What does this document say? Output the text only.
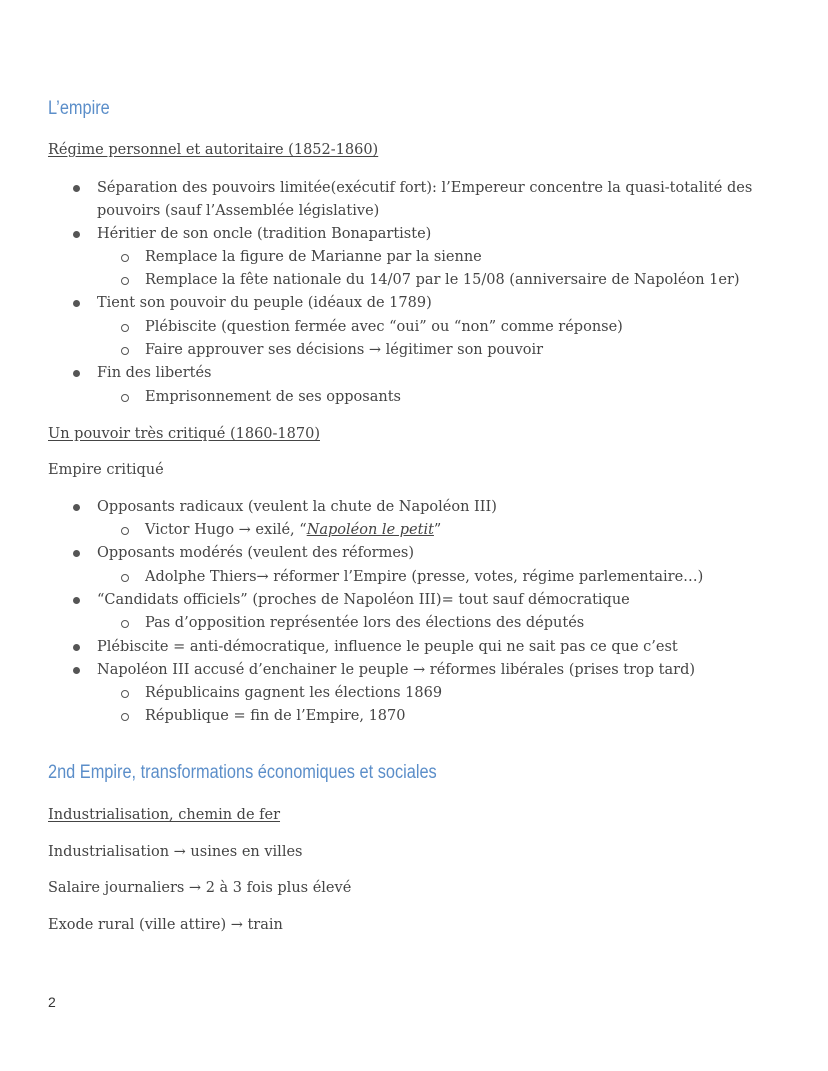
L’empire
Régime personnel et autoritaire (1852-1860)
Séparation des pouvoirs limitée(exécutif fort): l’Empereur concentre la quasi-totalité des
pouvoirs (sauf l’Assemblée législative)
Héritier de son oncle (tradition Bonapartiste)
Remplace la figure de Marianne par la sienne
Remplace la fête nationale du 14/07 par le 15/08 (anniversaire de Napoléon 1er)
Tient son pouvoir du peuple (idéaux de 1789)
Plébiscite (question fermée avec “oui” ou “non” comme réponse)
Faire approuver ses décisions → légitimer son pouvoir
Fin des libertés
Emprisonnement de ses opposants
Un pouvoir très critiqué (1860-1870)
Empire critiqué
Opposants radicaux (veulent la chute de Napoléon III)
Victor Hugo → exilé, “Napoléon le petit”
Opposants modérés (veulent des réformes)
Adolphe Thiers→ réformer l’Empire (presse, votes, régime parlementaire…)
“Candidats officiels” (proches de Napoléon III)= tout sauf démocratique
Pas d’opposition représentée lors des élections des députés
Plébiscite = anti-démocratique, influence le peuple qui ne sait pas ce que c’est
Napoléon III accusé d’enchainer le peuple → réformes libérales (prises trop tard)
Républicains gagnent les élections 1869
République = fin de l’Empire, 1870
2nd Empire, transformations économiques et sociales
Industrialisation, chemin de fer
Industrialisation → usines en villes
Salaire journaliers → 2 à 3 fois plus élevé
Exode rural (ville attire) → train
2
